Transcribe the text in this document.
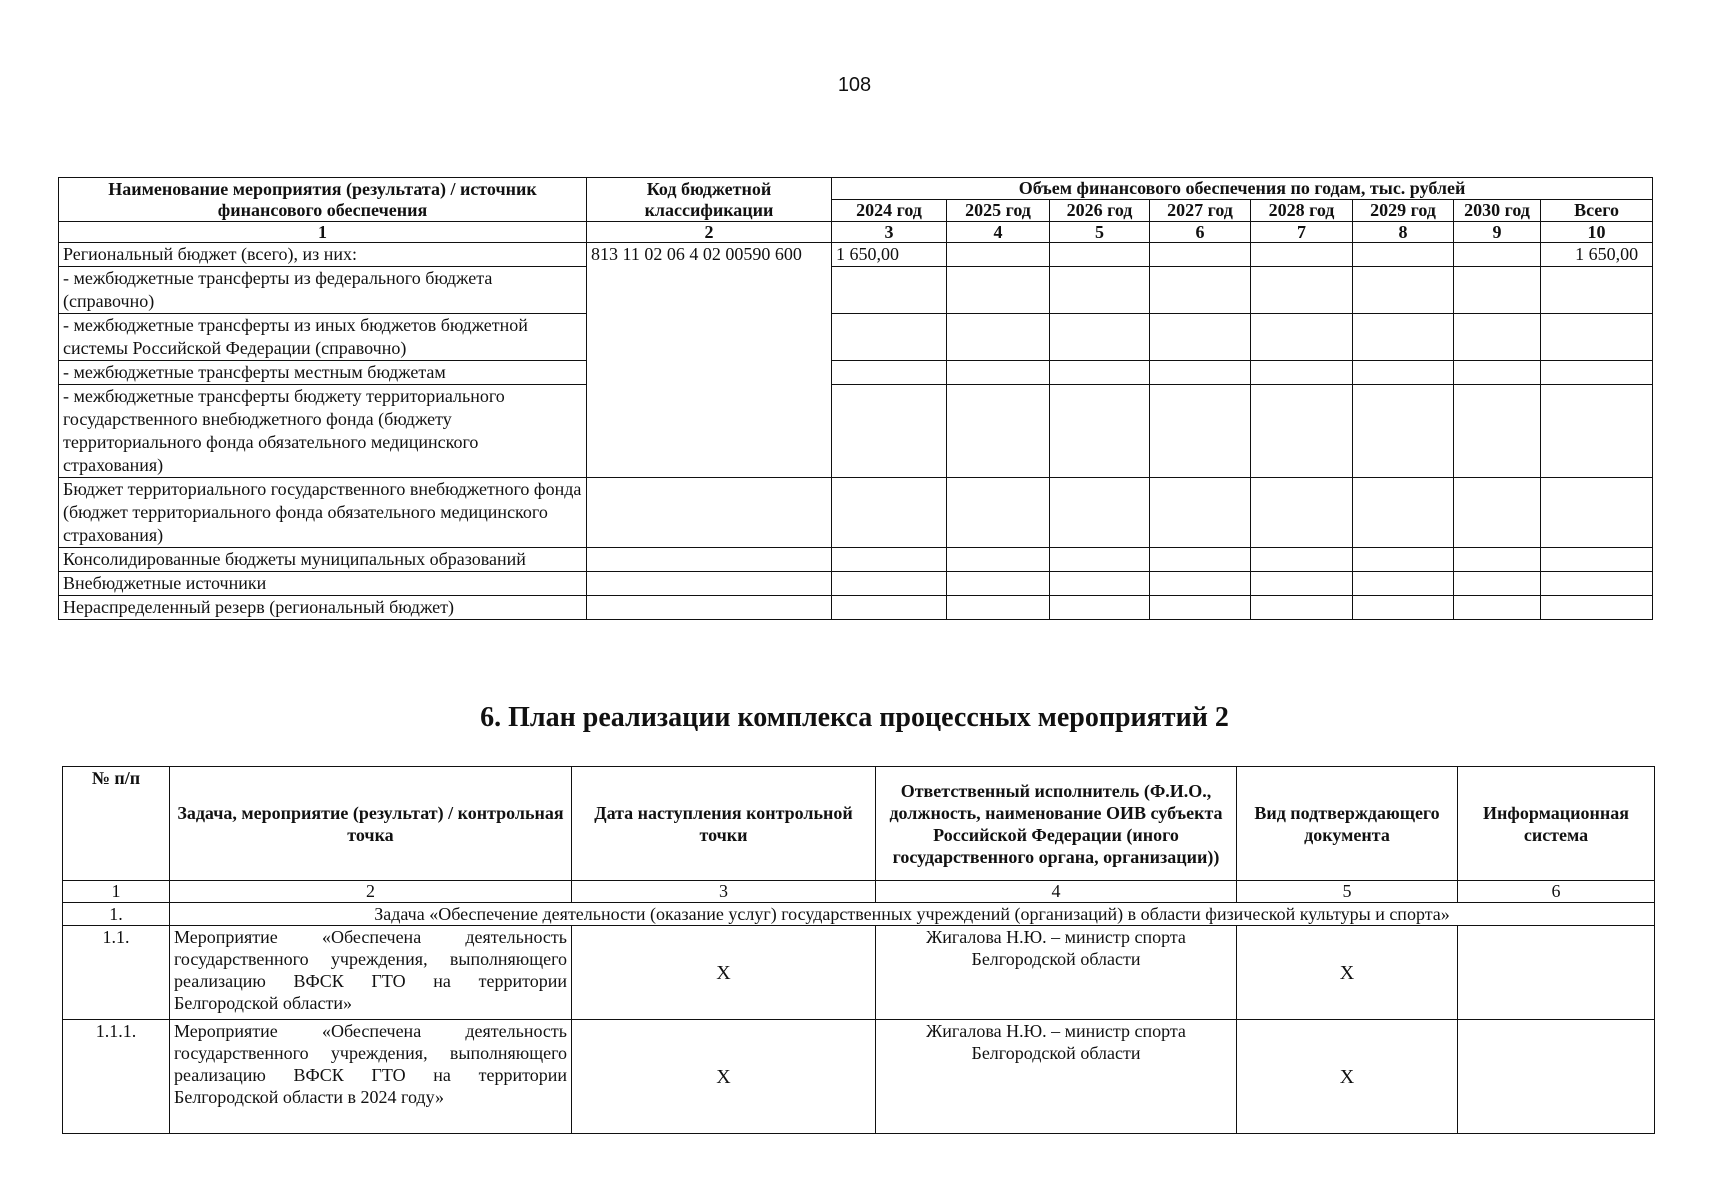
108
Наименование мероприятия (результата) / источник финансового обеспечения	Код бюджетной классификации	Объем финансового обеспечения по годам, тыс. рублей							
		2024 год	2025 год	2026 год	2027 год	2028 год	2029 год	2030 год	Всего
1	2	3	4	5	6	7	8	9	10
Региональный бюджет (всего), из них:	813 11 02 06 4 02 00590 600	1 650,00							1 650,00
- межбюджетные трансферты из федерального бюджета (справочно)									
- межбюджетные трансферты из иных бюджетов бюджетной системы Российской Федерации (справочно)									
- межбюджетные трансферты местным бюджетам									
- межбюджетные трансферты бюджету территориального государственного внебюджетного фонда (бюджету территориального фонда обязательного медицинского страхования)									
Бюджет территориального государственного внебюджетного фонда (бюджет территориального фонда обязательного медицинского страхования)									
Консолидированные бюджеты муниципальных образований									
Внебюджетные источники									
Нераспределенный резерв (региональный бюджет)									
6. План реализации комплекса процессных мероприятий 2
№ п/п	Задача, мероприятие (результат) / контрольная точка	Дата наступления контрольной точки	Ответственный исполнитель (Ф.И.О., должность, наименование ОИВ субъекта Российской Федерации (иного государственного органа, организации))	Вид подтверждающего документа	Информационная система
1	2	3	4	5	6
1.	Задача «Обеспечение деятельности (оказание услуг) государственных учреждений (организаций) в области физической культуры и спорта»				
1.1.	Мероприятие «Обеспечена деятельность государственного учреждения, выполняющего реализацию ВФСК ГТО на территории Белгородской области»	X	Жигалова Н.Ю. – министр спорта Белгородской области	X	
1.1.1.	Мероприятие «Обеспечена деятельность государственного учреждения, выполняющего реализацию ВФСК ГТО на территории Белгородской области в 2024 году»	X	Жигалова Н.Ю. – министр спорта Белгородской области	X	
